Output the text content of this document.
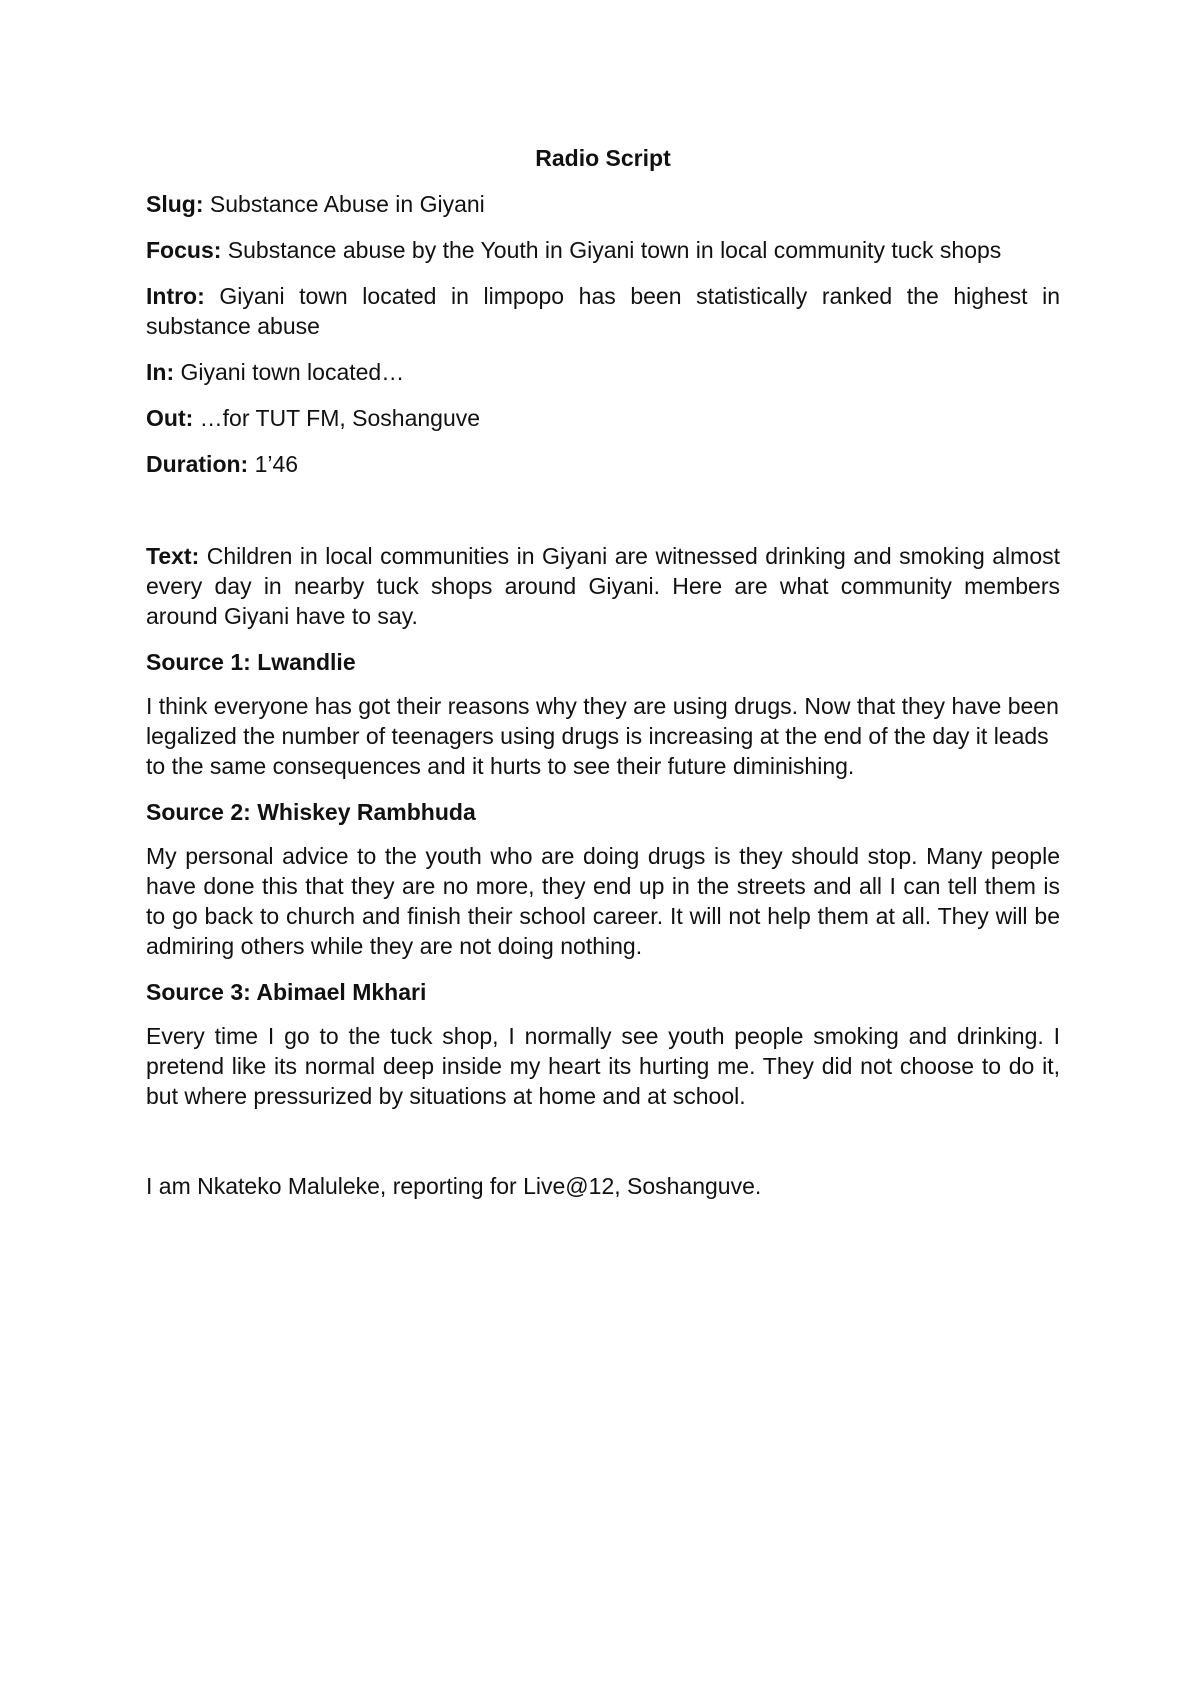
Radio Script
Slug: Substance Abuse in Giyani
Focus: Substance abuse by the Youth in Giyani town in local community tuck shops
Intro: Giyani town located in limpopo has been statistically ranked the highest in substance abuse
In: Giyani town located…
Out: …for TUT FM, Soshanguve
Duration: 1’46
Text: Children in local communities in Giyani are witnessed drinking and smoking almost every day in nearby tuck shops around Giyani. Here are what community members around Giyani have to say.
Source 1: Lwandlie
I think everyone has got their reasons why they are using drugs. Now that they have been legalized the number of teenagers using drugs is increasing at the end of the day it leads to the same consequences and it hurts to see their future diminishing.
Source 2: Whiskey Rambhuda
My personal advice to the youth who are doing drugs is they should stop. Many people have done this that they are no more, they end up in the streets and all I can tell them is to go back to church and finish their school career. It will not help them at all. They will be admiring others while they are not doing nothing.
Source 3: Abimael Mkhari
Every time I go to the tuck shop, I normally see youth people smoking and drinking. I pretend like its normal deep inside my heart its hurting me. They did not choose to do it, but where pressurized by situations at home and at school.
I am Nkateko Maluleke, reporting for Live@12, Soshanguve.
